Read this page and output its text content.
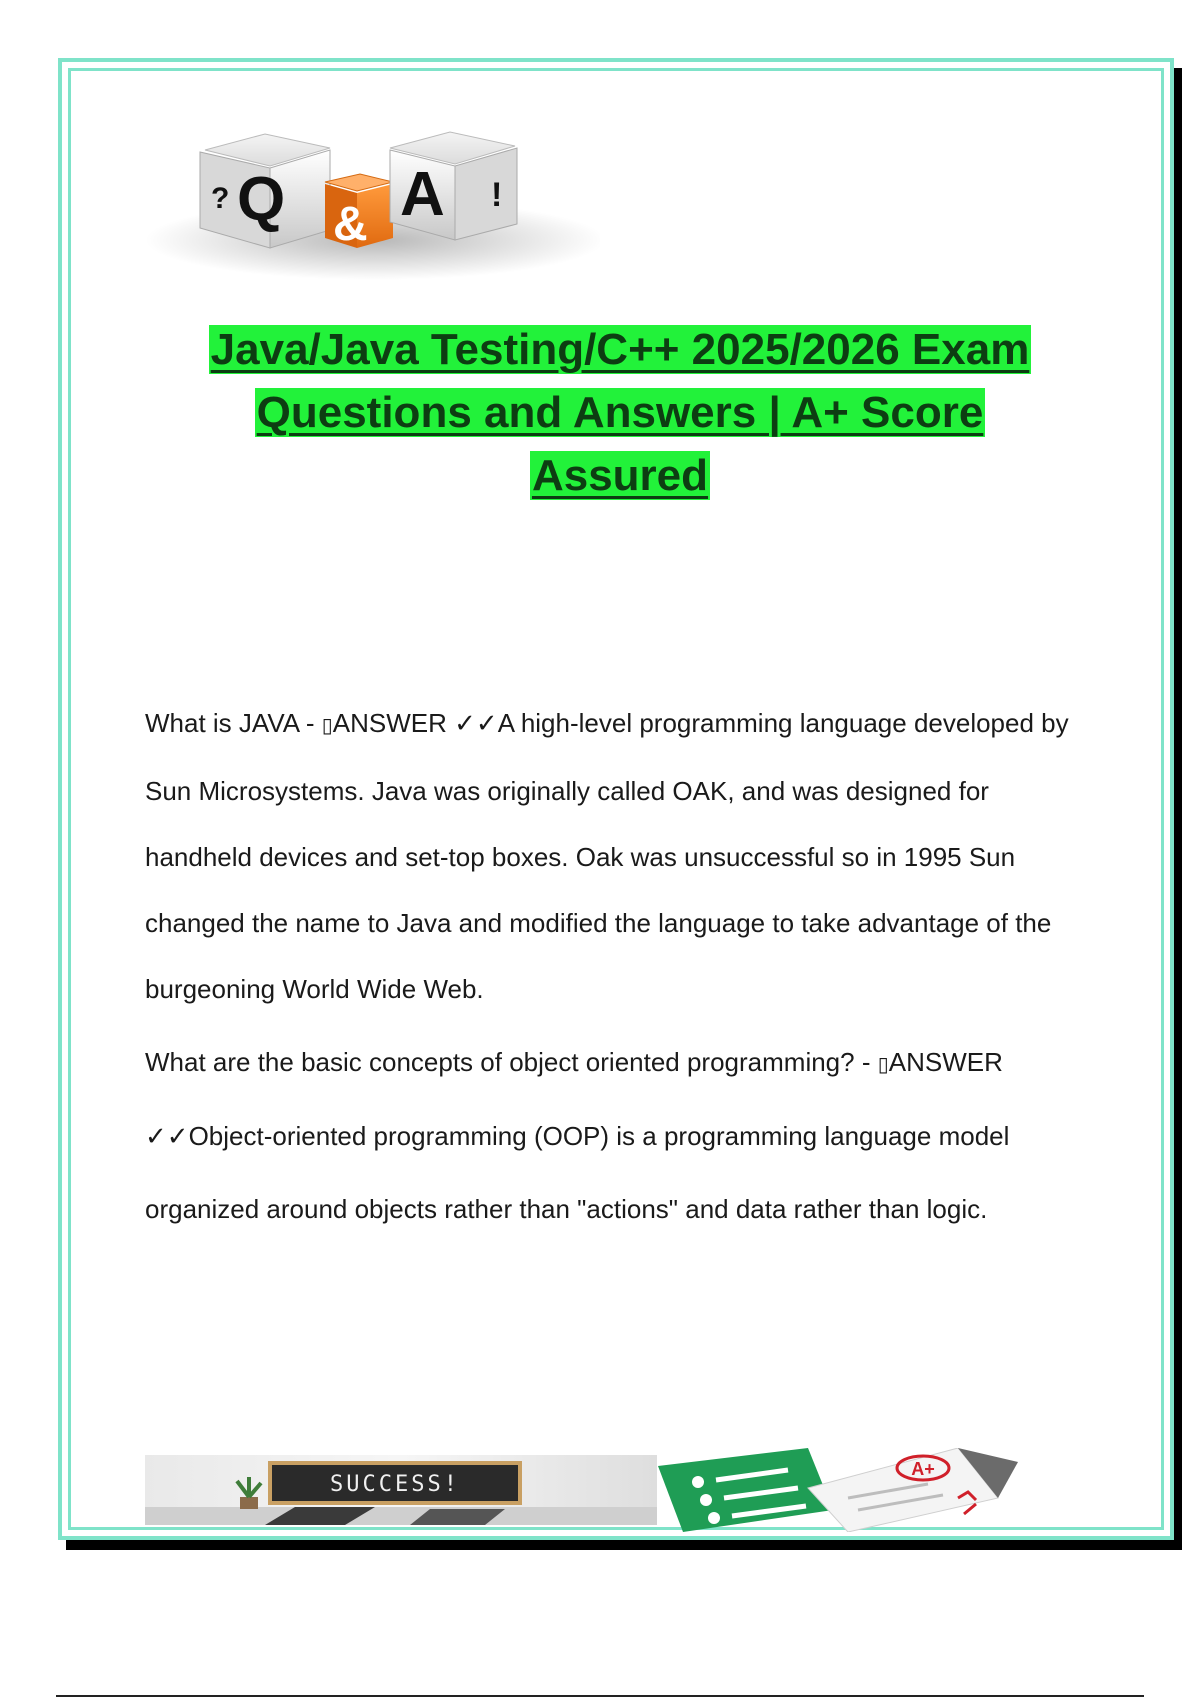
? Q & A !
Java/Java Testing/C++ 2025/2026 Exam
Questions and Answers | A+ Score
Assured

What is JAVA - ▯ANSWER ✓✓A high-level programming language developed by Sun Microsystems. Java was originally called OAK, and was designed for handheld devices and set-top boxes. Oak was unsuccessful so in 1995 Sun changed the name to Java and modified the language to take advantage of the burgeoning World Wide Web.

What are the basic concepts of object oriented programming? - ▯ANSWER ✓✓Object-oriented programming (OOP) is a programming language model organized around objects rather than "actions" and data rather than logic.

SUCCESS!
A+
